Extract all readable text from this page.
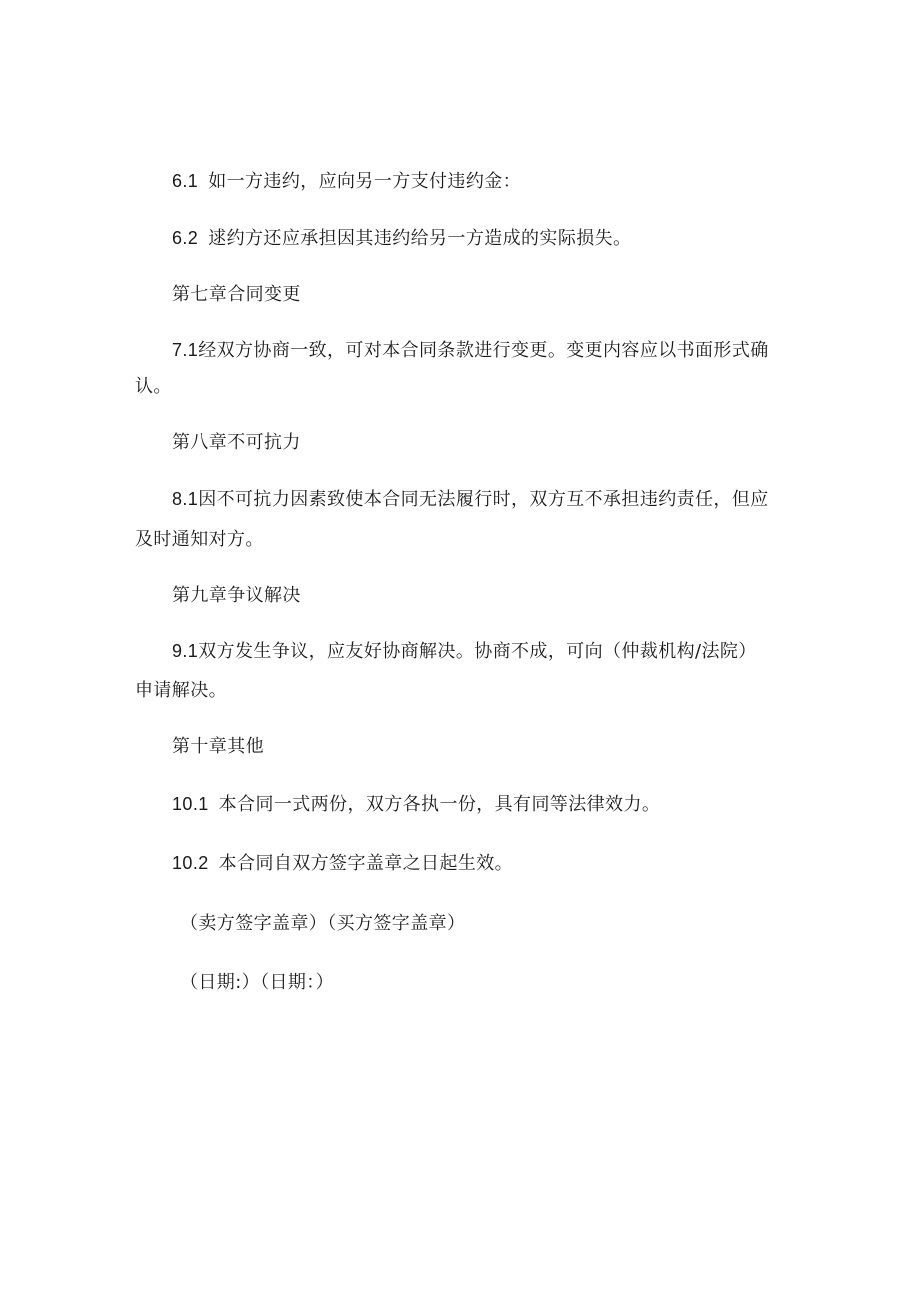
6.1 如一方违约，应向另一方支付违约金：
6.2 逑约方还应承担因其违约给另一方造成的实际损失。
第七章合同变更
7.1经双方协商一致，可对本合同条款进行变更。变更内容应以书面形式确
认。
第八章不可抗力
8.1因不可抗力因素致使本合同无法履行时，双方互不承担违约责任，但应
及时通知对方。
第九章争议解决
9.1双方发生争议，应友好协商解决。协商不成，可向（仲裁机构/法院）
申请解决。
第十章其他
10.1 本合同一式两份，双方各执一份，具有同等法律效力。
10.2 本合同自双方签字盖章之日起生效。
（卖方签字盖章）（买方签字盖章）
（日期:）（日期：）
